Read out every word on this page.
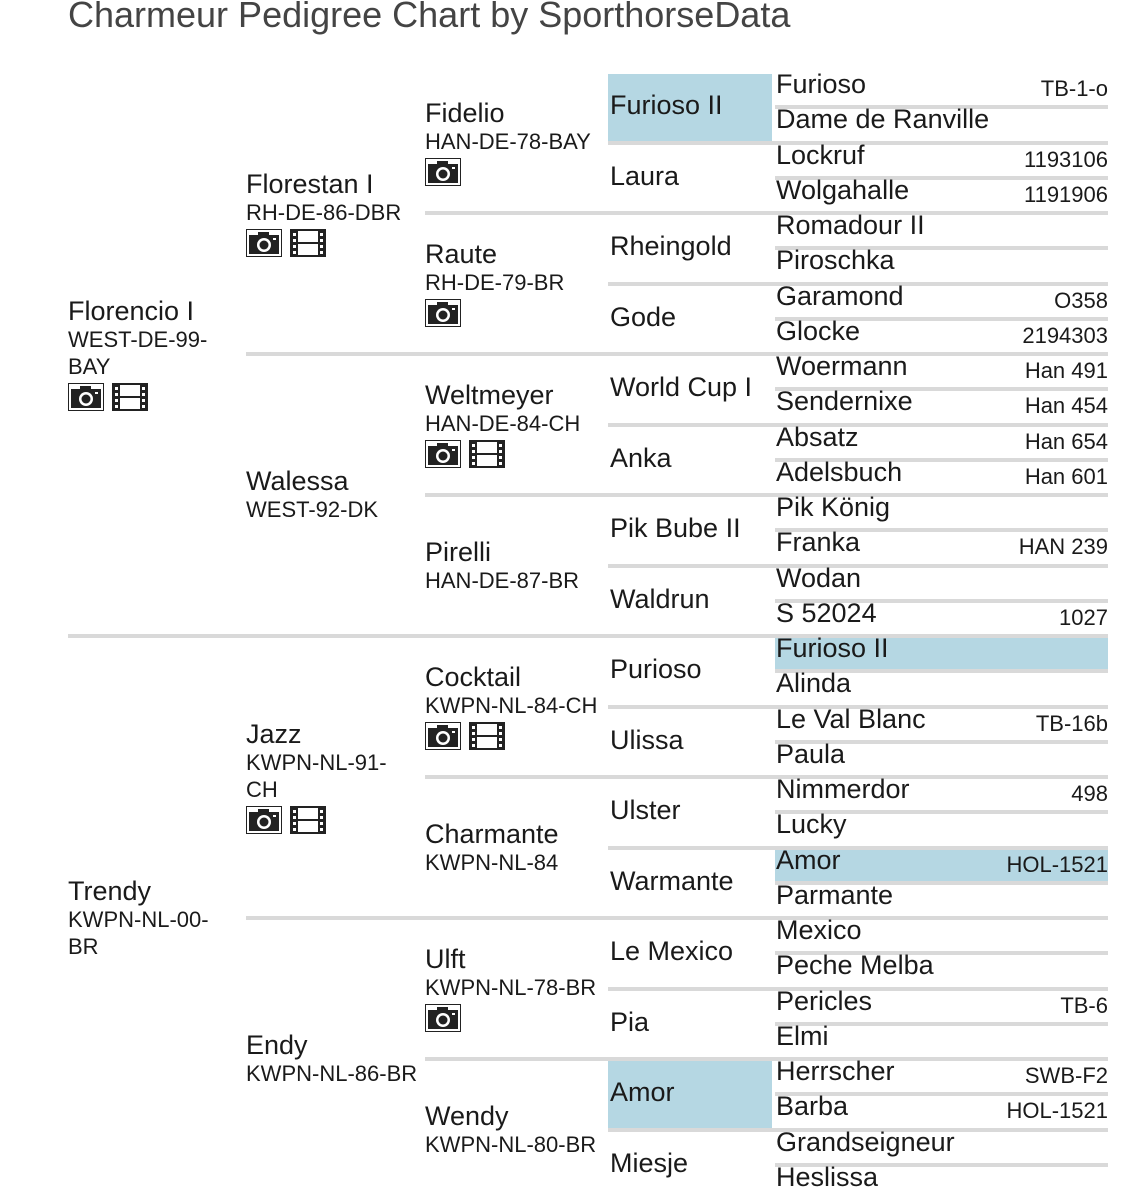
Charmeur Pedigree Chart by SporthorseData
Florencio I
WEST-DE-99-BAY
Trendy
KWPN-NL-00-BR
Florestan I
RH-DE-86-DBR
Walessa
WEST-92-DK
Jazz
KWPN-NL-91-CH
Endy
KWPN-NL-86-BR
Fidelio
HAN-DE-78-BAY
Raute
RH-DE-79-BR
Weltmeyer
HAN-DE-84-CH
Pirelli
HAN-DE-87-BR
Cocktail
KWPN-NL-84-CH
Charmante
KWPN-NL-84
Ulft
KWPN-NL-78-BR
Wendy
KWPN-NL-80-BR
Furioso II
Laura
Rheingold
Gode
World Cup I
Anka
Pik Bube II
Waldrun
Purioso
Ulissa
Ulster
Warmante
Le Mexico
Pia
Amor
Miesje
Furioso	TB-1-o
Dame de Ranville
Lockruf	1193106
Wolgahalle	1191906
Romadour II
Piroschka
Garamond	O358
Glocke	2194303
Woermann	Han 491
Sendernixe	Han 454
Absatz	Han 654
Adelsbuch	Han 601
Pik König
Franka	HAN 239
Wodan
S 52024	1027
Furioso II
Alinda
Le Val Blanc	TB-16b
Paula
Nimmerdor	498
Lucky
Amor	HOL-1521
Parmante
Mexico
Peche Melba
Pericles	TB-6
Elmi
Herrscher	SWB-F2
Barba	HOL-1521
Grandseigneur
Heslissa
